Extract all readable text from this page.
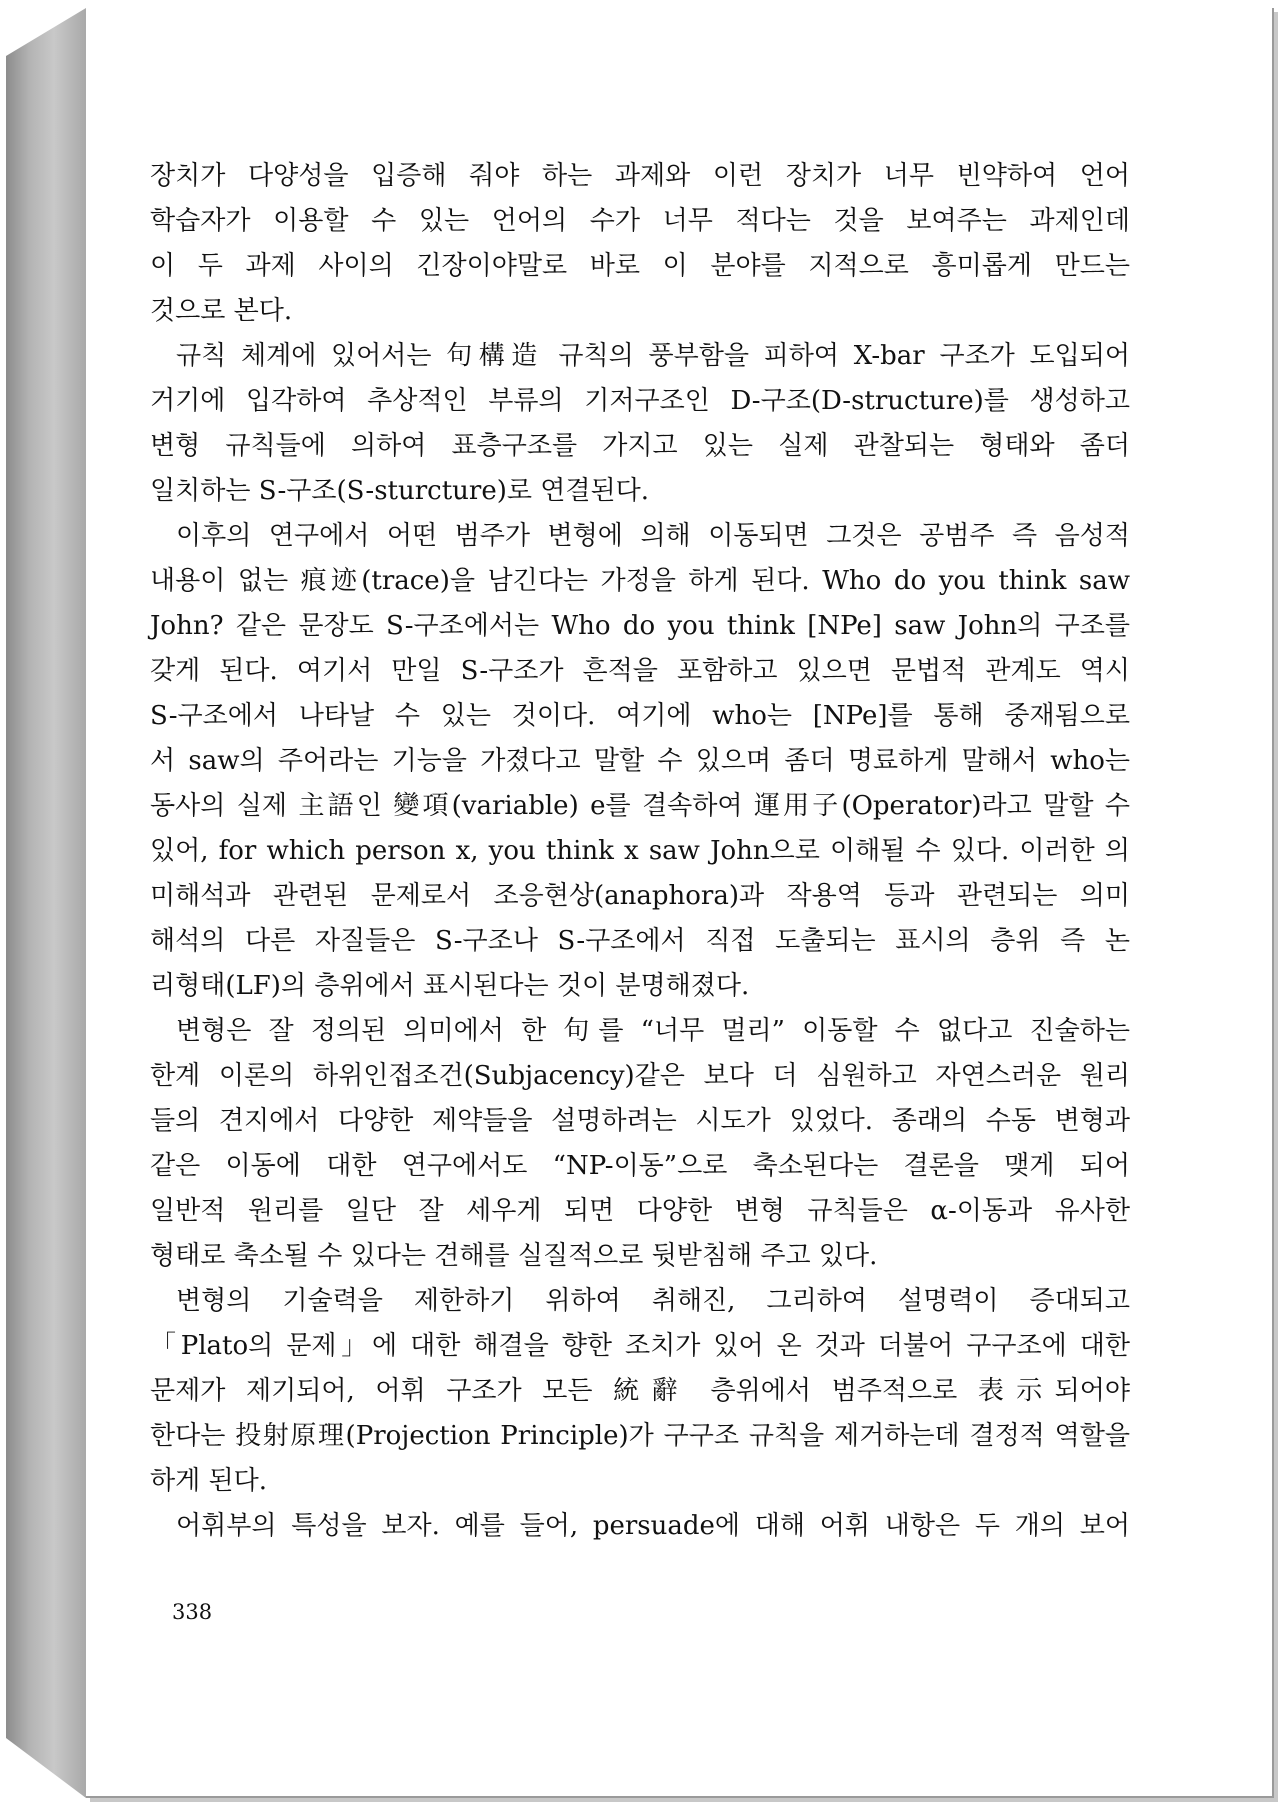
장치가 다양성을 입증해 줘야 하는 과제와 이런 장치가 너무 빈약하여 언어
학습자가 이용할 수 있는 언어의 수가 너무 적다는 것을 보여주는 과제인데
이 두 과제 사이의 긴장이야말로 바로 이 분야를 지적으로 흥미롭게 만드는
것으로 본다.
규칙 체계에 있어서는 句構造 규칙의 풍부함을 피하여 X-bar 구조가 도입되어
거기에 입각하여 추상적인 부류의 기저구조인 D-구조(D-structure)를 생성하고
변형 규칙들에 의하여 표층구조를 가지고 있는 실제 관찰되는 형태와 좀더
일치하는 S-구조(S-sturcture)로 연결된다.
이후의 연구에서 어떤 범주가 변형에 의해 이동되면 그것은 공범주 즉 음성적
내용이 없는 痕迹(trace)을 남긴다는 가정을 하게 된다. Who do you think saw
John? 같은 문장도 S-구조에서는 Who do you think [NPe] saw John의 구조를
갖게 된다. 여기서 만일 S-구조가 흔적을 포함하고 있으면 문법적 관계도 역시
S-구조에서 나타날 수 있는 것이다. 여기에 who는 [NPe]를 통해 중재됨으로
서 saw의 주어라는 기능을 가졌다고 말할 수 있으며 좀더 명료하게 말해서 who는
동사의 실제 主語인 變項(variable) e를 결속하여 運用子(Operator)라고 말할 수
있어, for which person x, you think x saw John으로 이해될 수 있다. 이러한 의
미해석과 관련된 문제로서 조응현상(anaphora)과 작용역 등과 관련되는 의미
해석의 다른 자질들은 S-구조나 S-구조에서 직접 도출되는 표시의 층위 즉 논
리형태(LF)의 층위에서 표시된다는 것이 분명해졌다.
변형은 잘 정의된 의미에서 한 句를 “너무 멀리” 이동할 수 없다고 진술하는
한계 이론의 하위인접조건(Subjacency)같은 보다 더 심원하고 자연스러운 원리
들의 견지에서 다양한 제약들을 설명하려는 시도가 있었다. 종래의 수동 변형과
같은 이동에 대한 연구에서도 “NP-이동”으로 축소된다는 결론을 맺게 되어
일반적 원리를 일단 잘 세우게 되면 다양한 변형 규칙들은 α-이동과 유사한
형태로 축소될 수 있다는 견해를 실질적으로 뒷받침해 주고 있다.
변형의 기술력을 제한하기 위하여 취해진, 그리하여 설명력이 증대되고
「Plato의 문제」에 대한 해결을 향한 조치가 있어 온 것과 더불어 구구조에 대한
문제가 제기되어, 어휘 구조가 모든 統辭 층위에서 범주적으로 表示되어야
한다는 投射原理(Projection Principle)가 구구조 규칙을 제거하는데 결정적 역할을
하게 된다.
어휘부의 특성을 보자. 예를 들어, persuade에 대해 어휘 내항은 두 개의 보어
338
